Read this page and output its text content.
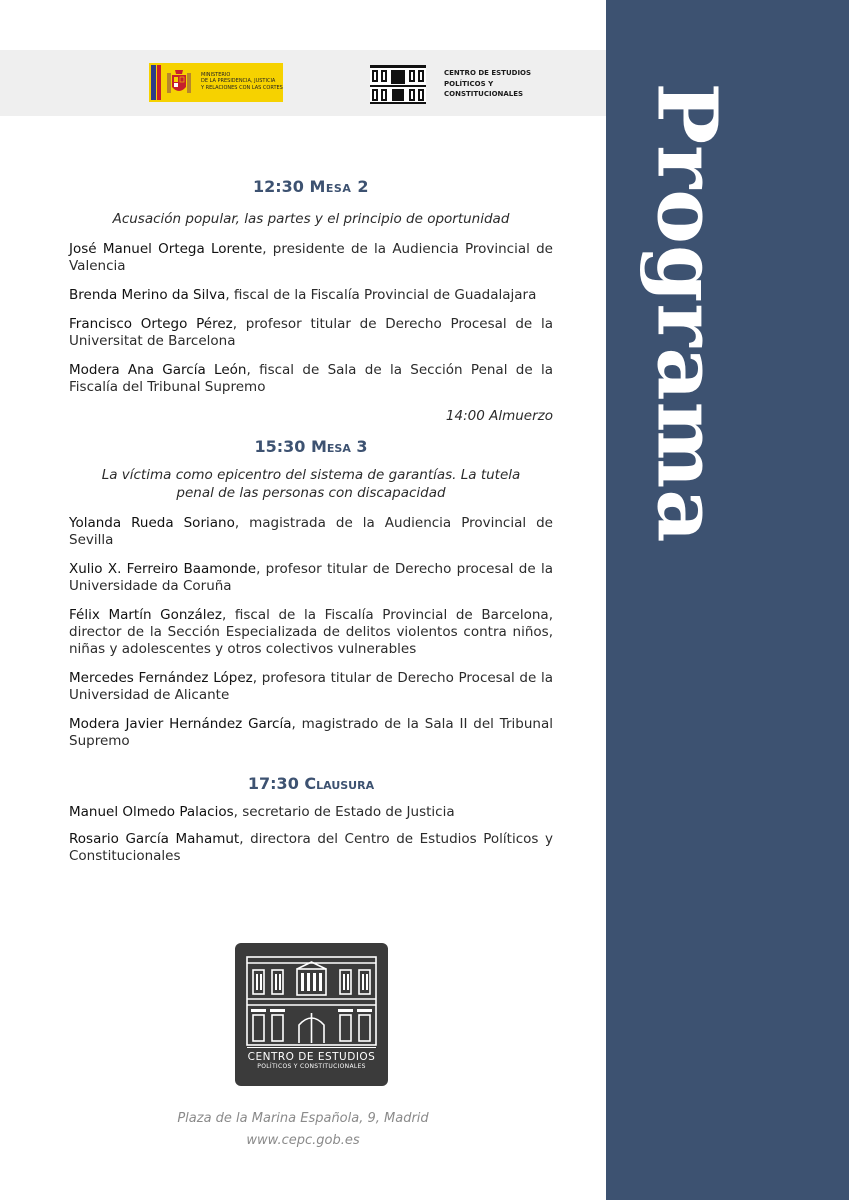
Programa
MINISTERIO
DE LA PRESIDENCIA, JUSTICIA
Y RELACIONES CON LAS CORTES
CENTRO DE ESTUDIOS
POLÍTICOS Y
CONSTITUCIONALES

12:30 Mesa 2

Acusación popular, las partes y el principio de oportunidad

José Manuel Ortega Lorente, presidente de la Audiencia Provincial de Valencia

Brenda Merino da Silva, fiscal de la Fiscalía Provincial de Guadalajara

Francisco Ortego Pérez, profesor titular de Derecho Procesal de la Universitat de Barcelona

Modera Ana García León, fiscal de Sala de la Sección Penal de la Fiscalía del Tribunal Supremo

14:00 Almuerzo

15:30 Mesa 3

La víctima como epicentro del sistema de garantías. La tutela penal de las personas con discapacidad

Yolanda Rueda Soriano, magistrada de la Audiencia Provincial de Sevilla

Xulio X. Ferreiro Baamonde, profesor titular de Derecho procesal de la Universidade da Coruña

Félix Martín González, fiscal de la Fiscalía Provincial de Barcelona, director de la Sección Especializada de delitos violentos contra niños, niñas y adolescentes y otros colectivos vulnerables

Mercedes Fernández López, profesora titular de Derecho Procesal de la Universidad de Alicante

Modera Javier Hernández García, magistrado de la Sala II del Tribunal Supremo

17:30 Clausura

Manuel Olmedo Palacios, secretario de Estado de Justicia

Rosario García Mahamut, directora del Centro de Estudios Políticos y Constitucionales

CENTRO DE ESTUDIOS
POLÍTICOS Y CONSTITUCIONALES
Plaza de la Marina Española, 9, Madrid
www.cepc.gob.es
